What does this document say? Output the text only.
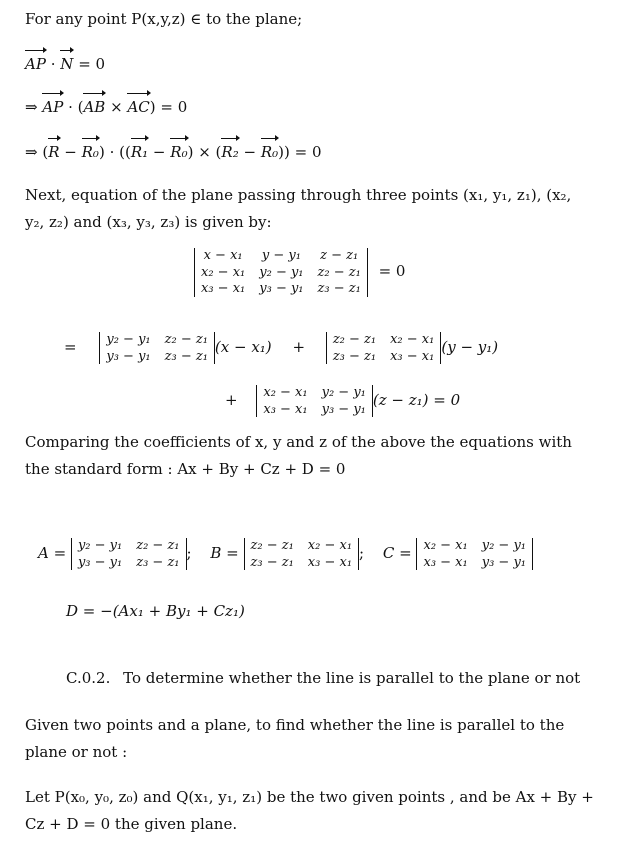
For any point P(x,y,z) ∈ to the plane;
AP · N = 0
⇒ AP · (AB × AC) = 0
⇒ (R − R₀) · ((R₁ − R₀) × (R₂ − R₀)) = 0
Next, equation of the plane passing through three points (x₁, y₁, z₁), (x₂, y₂, z₂) and (x₃, y₃, z₃) is given by:
x − x₁ y − y₁ z − z₁
x₂ − x₁ y₂ − y₁ z₂ − z₁
x₃ − x₁ y₃ − y₁ z₃ − z₁
= 0
= y₂ − y₁ z₂ − z₁
y₃ − y₁ z₃ − z₁ (x − x₁) + z₂ − z₁ x₂ − x₁
z₃ − z₁ x₃ − x₁ (y − y₁)
+ x₂ − x₁ y₂ − y₁
x₃ − x₁ y₃ − y₁ (z − z₁) = 0
Comparing the coefficients of x, y and z of the above the equations with the standard form : Ax + By + Cz + D = 0
A = y₂ − y₁ z₂ − z₁
y₃ − y₁ z₃ − z₁ ; B = z₂ − z₁ x₂ − x₁
z₃ − z₁ x₃ − x₁ ; C = x₂ − x₁ y₂ − y₁
x₃ − x₁ y₃ − y₁
D = −(Ax₁ + By₁ + Cz₁)
C.0.2. To determine whether the line is parallel to the plane or not
Given two points and a plane, to find whether the line is parallel to the plane or not :
Let P(x₀, y₀, z₀) and Q(x₁, y₁, z₁) be the two given points , and be Ax + By + Cz + D = 0 the given plane.
